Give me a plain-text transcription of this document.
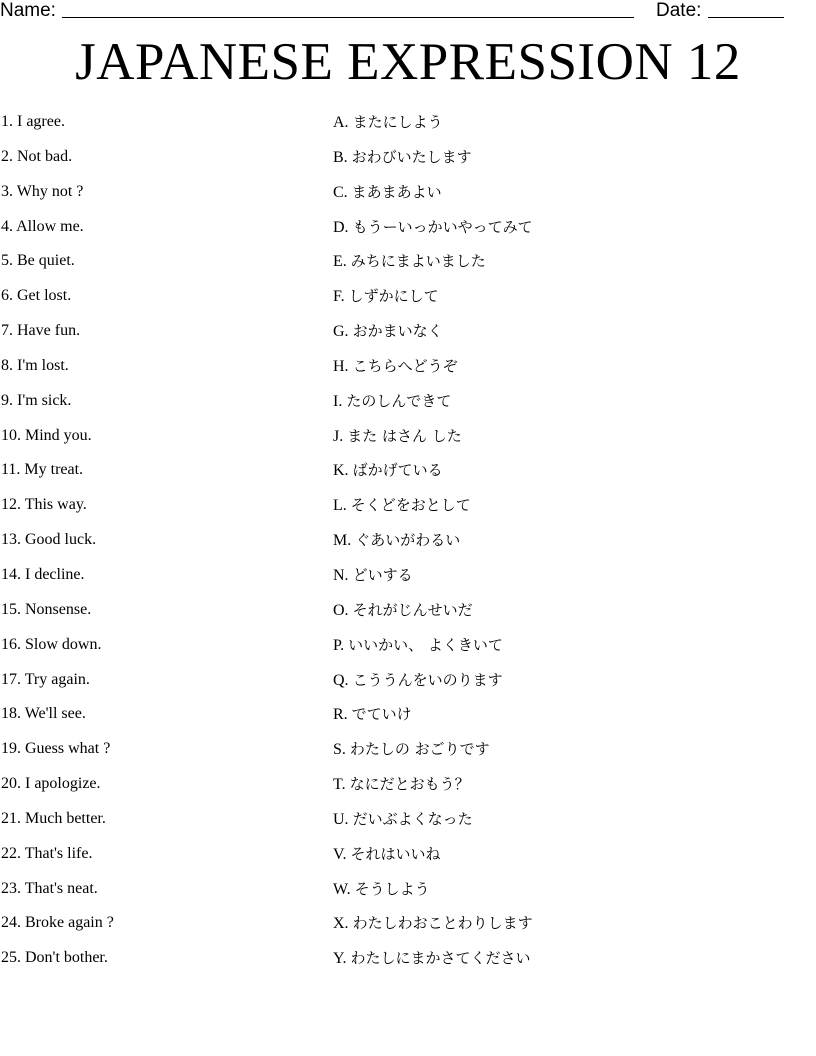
Name:	Date:
JAPANESE EXPRESSION 12
1. I agree.	A. またにしよう
2. Not bad.	B. おわびいたします
3. Why not ?	C. まあまあよい
4. Allow me.	D. もうーいっかいやってみて
5. Be quiet.	E. みちにまよいました
6. Get lost.	F. しずかにして
7. Have fun.	G. おかまいなく
8. I'm lost.	H. こちらへどうぞ
9. I'm sick.	I. たのしんできて
10. Mind you.	J. また はさん した
11. My treat.	K. ばかげている
12. This way.	L. そくどをおとして
13. Good luck.	M. ぐあいがわるい
14. I decline.	N. どいする
15. Nonsense.	O. それがじんせいだ
16. Slow down.	P. いいかい、 よくきいて
17. Try again.	Q. こううんをいのります
18. We'll see.	R. でていけ
19. Guess what ?	S. わたしの おごりです
20. I apologize.	T. なにだとおもう？
21. Much better.	U. だいぶよくなった
22. That's life.	V. それはいいね
23. That's neat.	W. そうしよう
24. Broke again ?	X. わたしわおことわりします
25. Don't bother.	Y. わたしにまかさてください
